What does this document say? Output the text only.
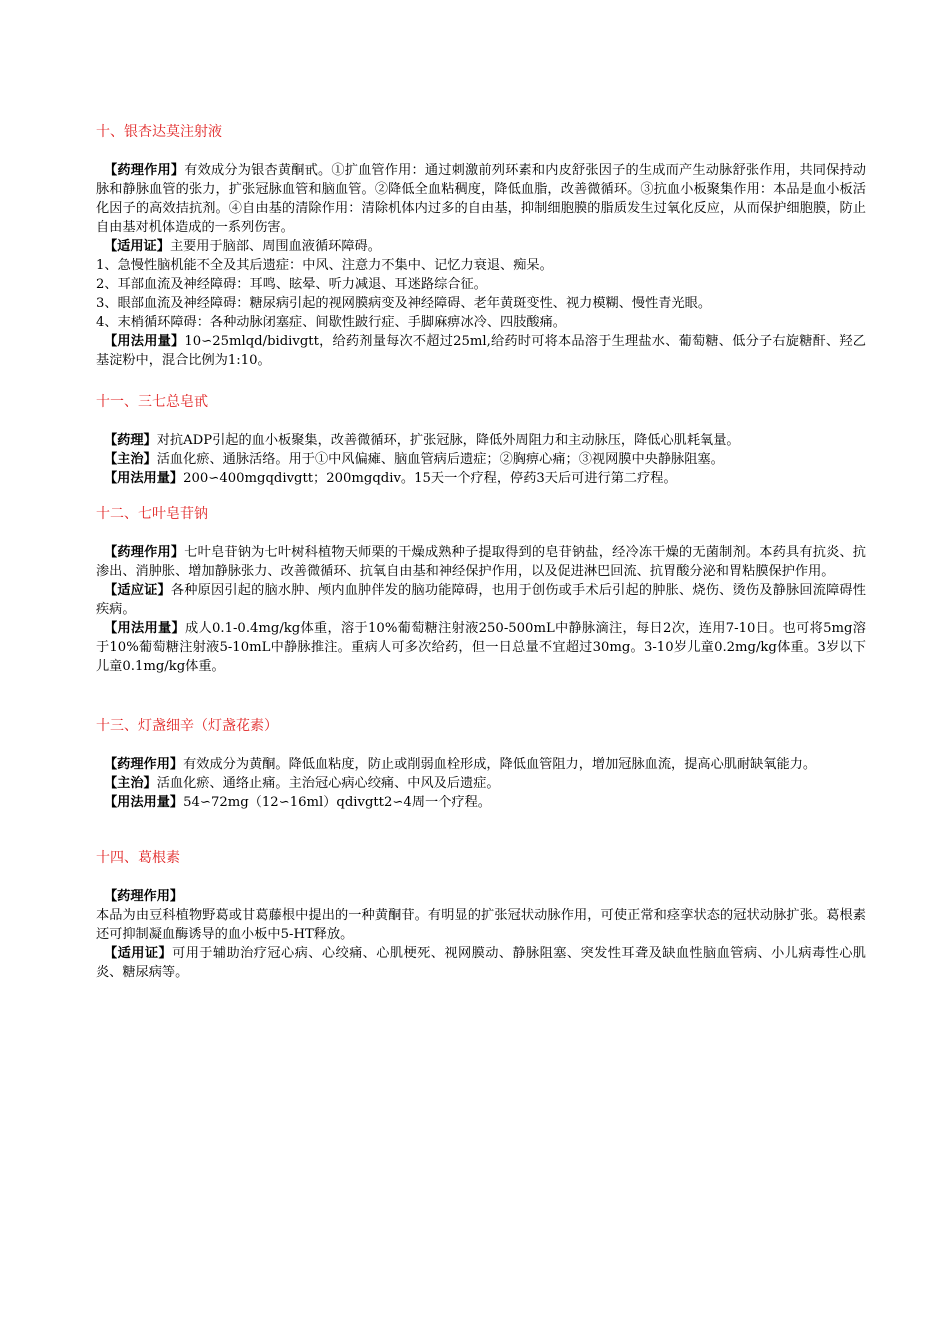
十、银杏达莫注射液

【药理作用】有效成分为银杏黄酮甙。①扩血管作用：通过刺激前列环素和内皮舒张因子的生成而产生动脉舒张作用，共同保持动脉和静脉血管的张力，扩张冠脉血管和脑血管。②降低全血粘稠度，降低血脂，改善微循环。③抗血小板聚集作用：本品是血小板活化因子的高效拮抗剂。④自由基的清除作用：清除机体内过多的自由基，抑制细胞膜的脂质发生过氧化反应，从而保护细胞膜，防止自由基对机体造成的一系列伤害。

【适用证】主要用于脑部、周围血液循环障碍。

1、急慢性脑机能不全及其后遗症：中风、注意力不集中、记忆力衰退、痴呆。

2、耳部血流及神经障碍：耳鸣、眩晕、听力减退、耳迷路综合征。

3、眼部血流及神经障碍：糖尿病引起的视网膜病变及神经障碍、老年黄斑变性、视力模糊、慢性青光眼。

4、末梢循环障碍：各种动脉闭塞症、间歇性跛行症、手脚麻痹冰冷、四肢酸痛。

【用法用量】10∽25mlqd/bidivgtt，给药剂量每次不超过25ml,给药时可将本品溶于生理盐水、葡萄糖、低分子右旋糖酐、羟乙基淀粉中，混合比例为1:10。

十一、三七总皂甙

【药理】对抗ADP引起的血小板聚集，改善微循环，扩张冠脉，降低外周阻力和主动脉压，降低心肌耗氧量。

【主治】活血化瘀、通脉活络。用于①中风偏瘫、脑血管病后遗症；②胸痹心痛；③视网膜中央静脉阻塞。

【用法用量】200∽400mgqdivgtt；200mgqdiv。15天一个疗程，停药3天后可进行第二疗程。

十二、七叶皂苷钠

【药理作用】七叶皂苷钠为七叶树科植物天师栗的干燥成熟种子提取得到的皂苷钠盐，经冷冻干燥的无菌制剂。本药具有抗炎、抗渗出、消肿胀、增加静脉张力、改善微循环、抗氧自由基和神经保护作用，以及促进淋巴回流、抗胃酸分泌和胃粘膜保护作用。

【适应证】各种原因引起的脑水肿、颅内血肿伴发的脑功能障碍，也用于创伤或手术后引起的肿胀、烧伤、烫伤及静脉回流障碍性疾病。

【用法用量】成人0.1-0.4mg/kg体重，溶于10%葡萄糖注射液250-500mL中静脉滴注，每日2次，连用7-10日。也可将5mg溶于10%葡萄糖注射液5-10mL中静脉推注。重病人可多次给药，但一日总量不宜超过30mg。3-10岁儿童0.2mg/kg体重。3岁以下儿童0.1mg/kg体重。

十三、灯盏细辛（灯盏花素）

【药理作用】有效成分为黄酮。降低血粘度，防止或削弱血栓形成，降低血管阻力，增加冠脉血流，提高心肌耐缺氧能力。

【主治】活血化瘀、通络止痛。主治冠心病心绞痛、中风及后遗症。

【用法用量】54∽72mg（12∽16ml）qdivgtt2∽4周一个疗程。

十四、葛根素

【药理作用】

本品为由豆科植物野葛或甘葛藤根中提出的一种黄酮苷。有明显的扩张冠状动脉作用，可使正常和痉挛状态的冠状动脉扩张。葛根素还可抑制凝血酶诱导的血小板中5-HT释放。

【适用证】可用于辅助治疗冠心病、心绞痛、心肌梗死、视网膜动、静脉阻塞、突发性耳聋及缺血性脑血管病、小儿病毒性心肌炎、糖尿病等。
